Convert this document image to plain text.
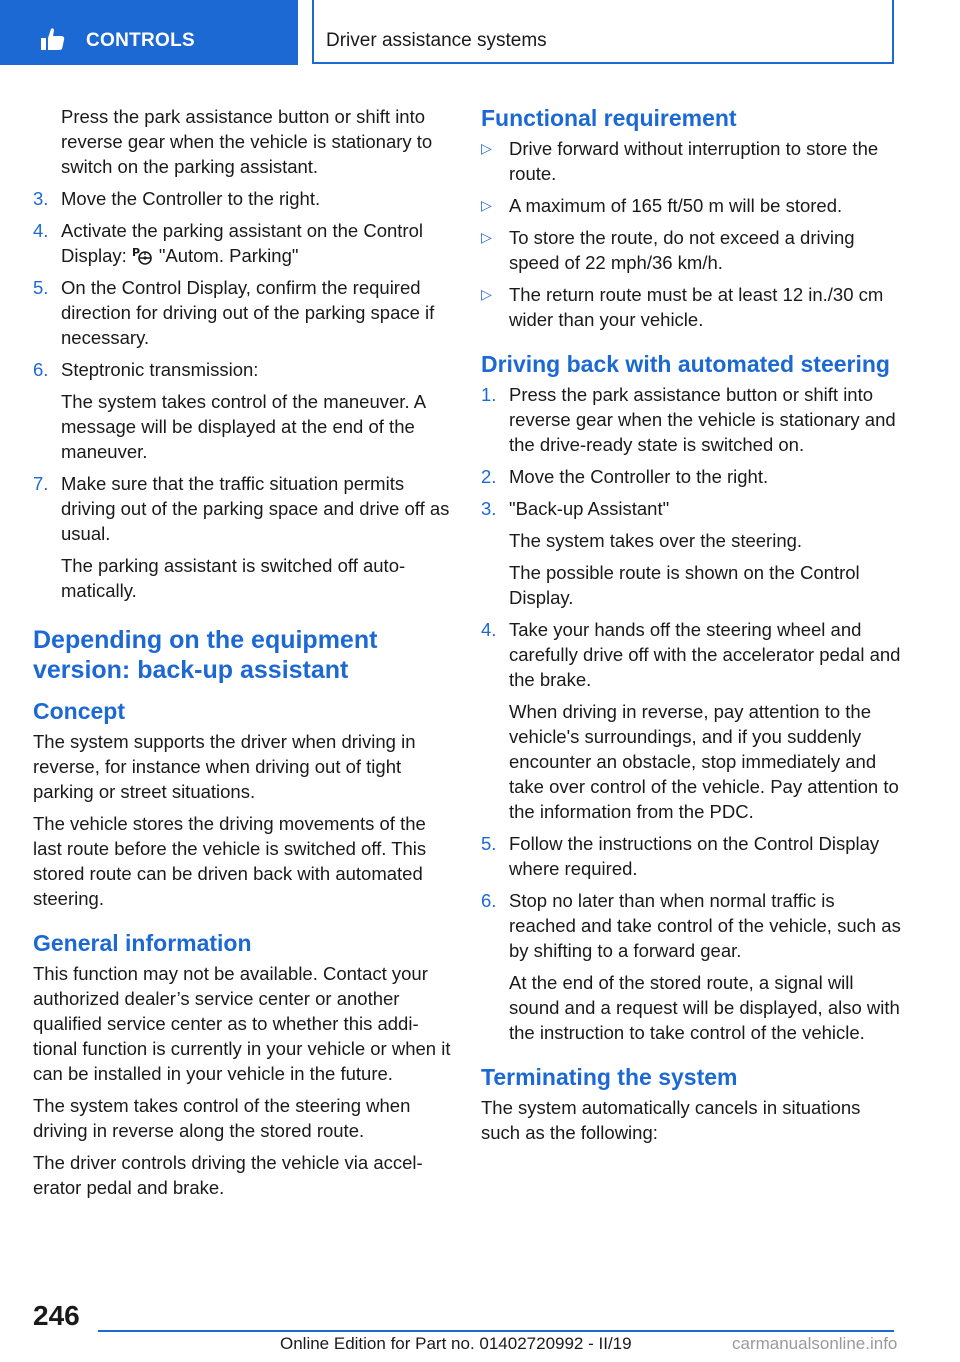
CONTROLS	Driver assistance systems

Press the park assistance button or shift into reverse gear when the vehicle is stationary to switch on the parking assistant.

3. Move the Controller to the right.

4. Activate the parking assistant on the Control Display: P "Autom. Parking"

5. On the Control Display, confirm the required direction for driving out of the parking space if necessary.

6. Steptronic transmission:

The system takes control of the maneuver. A message will be displayed at the end of the maneuver.

7. Make sure that the traffic situation permits driving out of the parking space and drive off as usual.

The parking assistant is switched off automatically.

Depending on the equipment version: back-up assistant
Concept

The system supports the driver when driving in reverse, for instance when driving out of tight parking or street situations.

The vehicle stores the driving movements of the last route before the vehicle is switched off. This stored route can be driven back with automated steering.

General information

This function may not be available. Contact your authorized dealer’s service center or another qualified service center as to whether this additional function is currently in your vehicle or when it can be installed in your vehicle in the future.

The system takes control of the steering when driving in reverse along the stored route.

The driver controls driving the vehicle via accelerator pedal and brake.

Functional requirement
▷ Drive forward without interruption to store the route.
▷ A maximum of 165 ft/50 m will be stored.
▷ To store the route, do not exceed a driving speed of 22 mph/36 km/h.
▷ The return route must be at least 12 in./30 cm wider than your vehicle.
Driving back with automated steering
1. Press the park assistance button or shift into reverse gear when the vehicle is stationary and the drive-ready state is switched on.

2. Move the Controller to the right.

3. "Back-up Assistant"

The system takes over the steering.

The possible route is shown on the Control Display.

4. Take your hands off the steering wheel and carefully drive off with the accelerator pedal and the brake.

When driving in reverse, pay attention to the vehicle's surroundings, and if you suddenly encounter an obstacle, stop immediately and take over control of the vehicle. Pay attention to the information from the PDC.

5. Follow the instructions on the Control Display where required.

6. Stop no later than when normal traffic is reached and take control of the vehicle, such as by shifting to a forward gear.

At the end of the stored route, a signal will sound and a request will be displayed, also with the instruction to take control of the vehicle.

Terminating the system

The system automatically cancels in situations such as the following:

246
Online Edition for Part no. 01402720992 - II/19	carmanualsonline.info
